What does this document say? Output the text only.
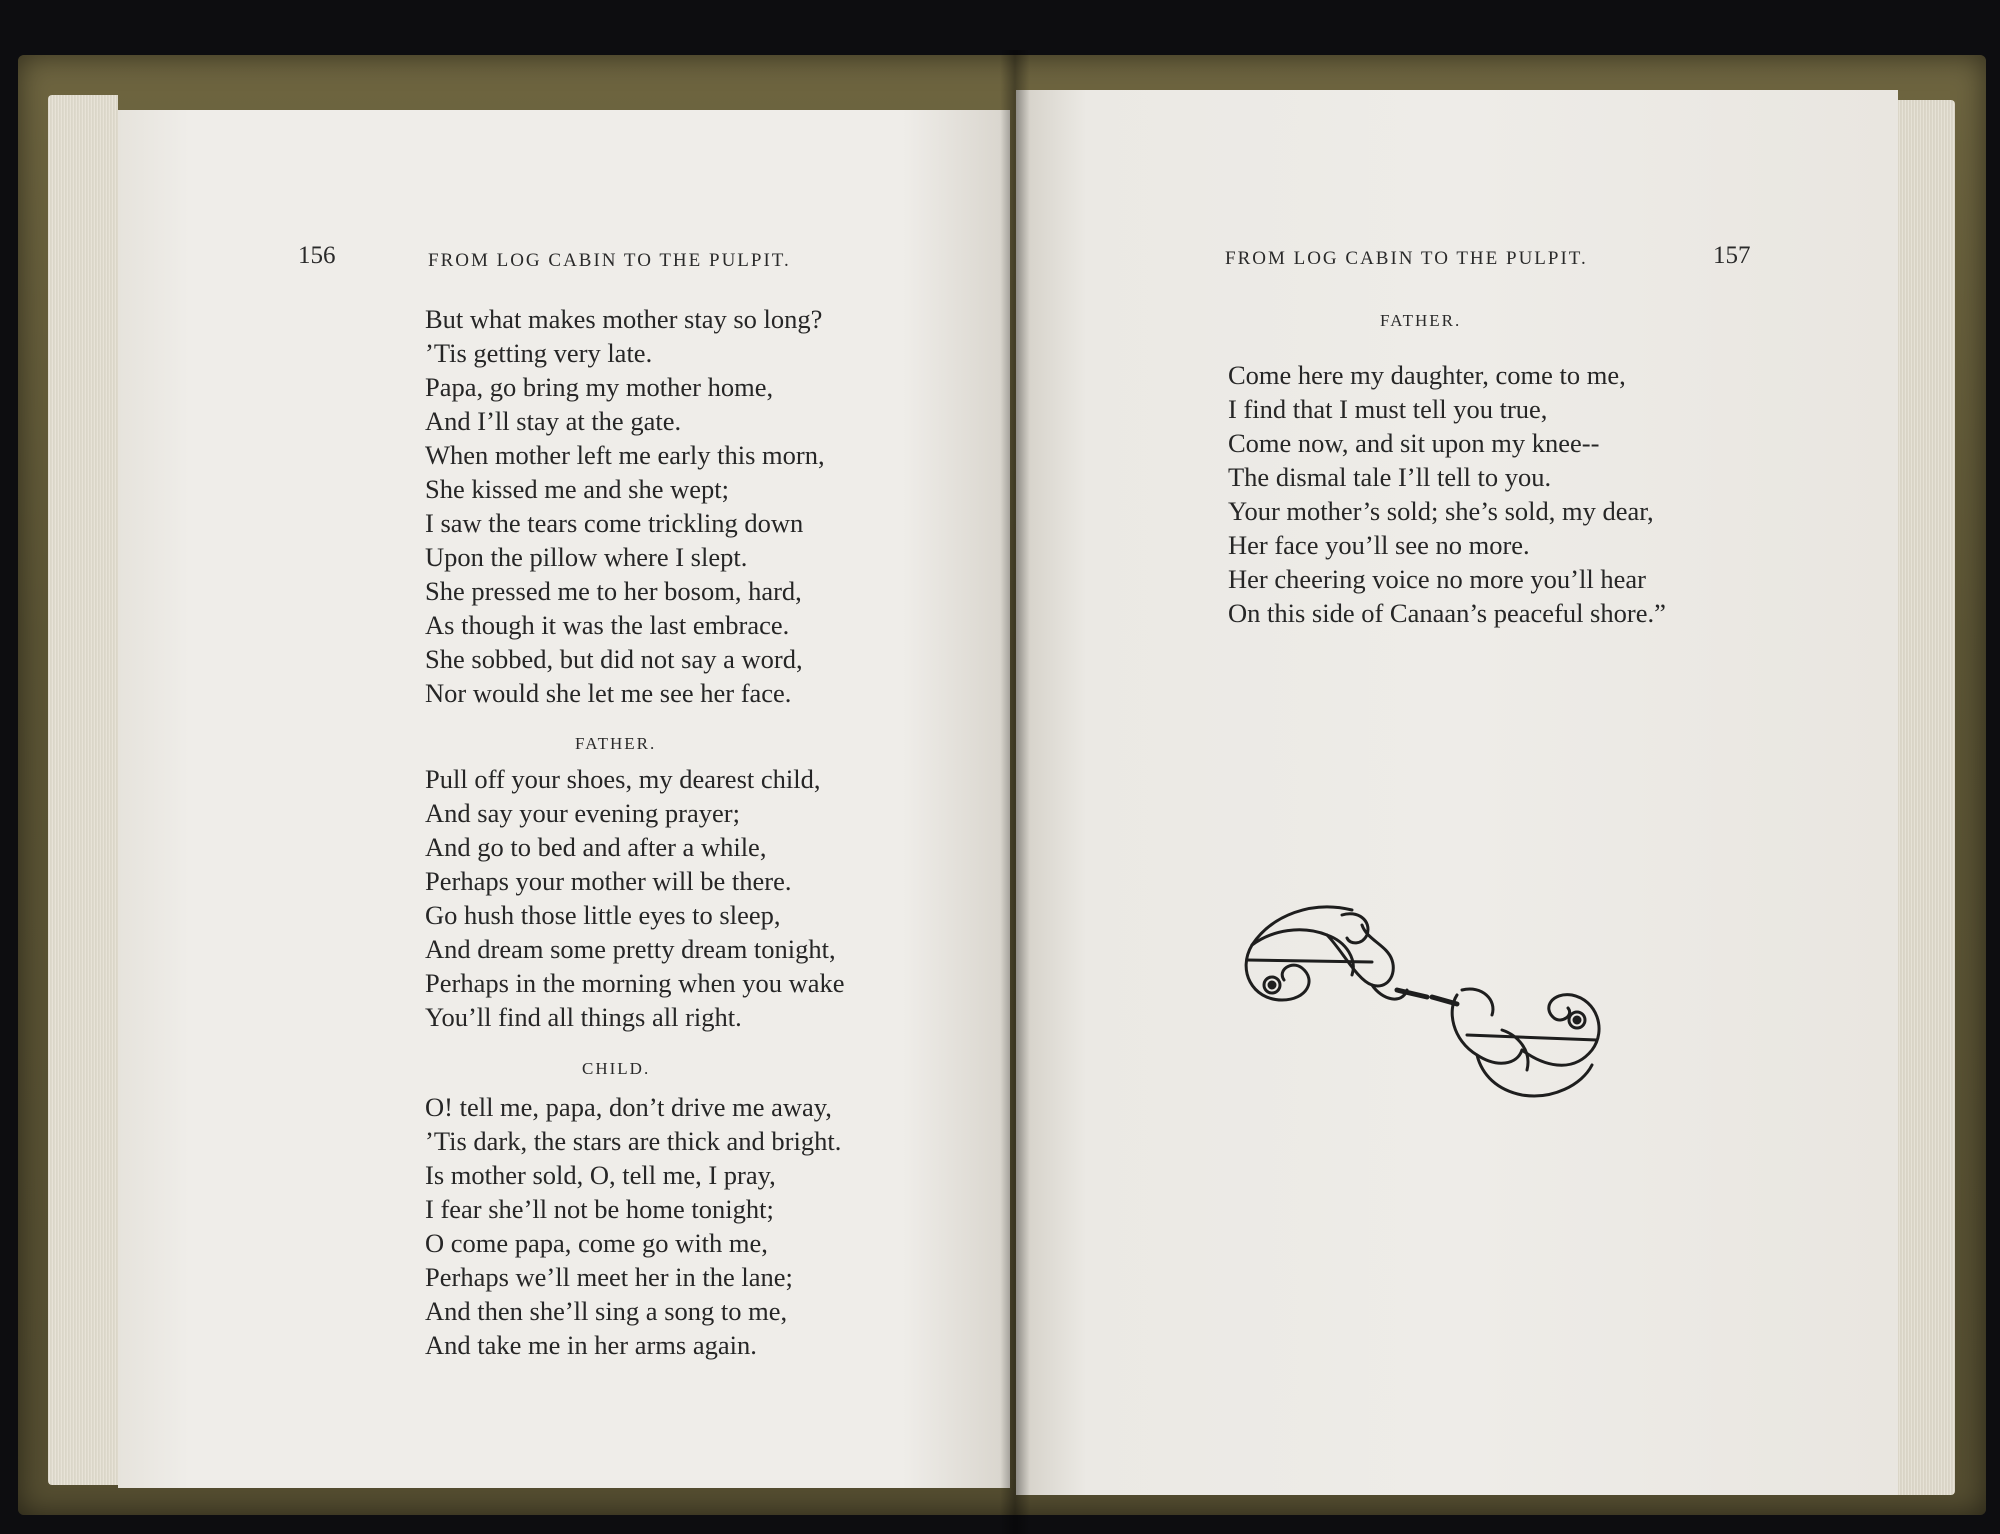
156	FROM LOG CABIN TO THE PULPIT.
But what makes mother stay so long?
’Tis getting very late.
Papa, go bring my mother home,
And I’ll stay at the gate.
When mother left me early this morn,
She kissed me and she wept;
I saw the tears come trickling down
Upon the pillow where I slept.
She pressed me to her bosom, hard,
As though it was the last embrace.
She sobbed, but did not say a word,
Nor would she let me see her face.
FATHER.
Pull off your shoes, my dearest child,
And say your evening prayer;
And go to bed and after a while,
Perhaps your mother will be there.
Go hush those little eyes to sleep,
And dream some pretty dream tonight,
Perhaps in the morning when you wake
You’ll find all things all right.
CHILD.
O! tell me, papa, don’t drive me away,
’Tis dark, the stars are thick and bright.
Is mother sold, O, tell me, I pray,
I fear she’ll not be home tonight;
O come papa, come go with me,
Perhaps we’ll meet her in the lane;
And then she’ll sing a song to me,
And take me in her arms again.
FROM LOG CABIN TO THE PULPIT.	157
FATHER.
Come here my daughter, come to me,
I find that I must tell you true,
Come now, and sit upon my knee--
The dismal tale I’ll tell to you.
Your mother’s sold; she’s sold, my dear,
Her face you’ll see no more.
Her cheering voice no more you’ll hear
On this side of Canaan’s peaceful shore.”
